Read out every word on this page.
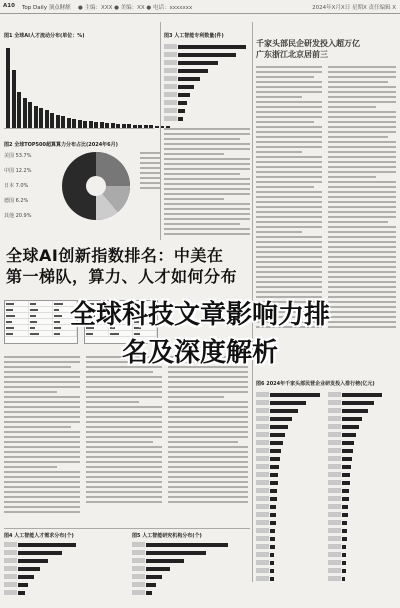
A10 Top Daily 顶点財經 ● 主编：XXX ● 美编：XX ● 电话：xxxxxxx	2024年X月X日 星期X 责任编辑 X
图1 全球AI人才流动分布(单位：%)
图2 全球TOP500超算算力分布占比(2024年6月)
美国 53.7%
中国 12.2%
日本 7.0%
德国 6.2%
其他 20.9%
图3 人工智能专利数量(件)
千家头部民企研发投入超万亿
广东浙江北京居前三
全球AI创新指数排名：中美在
第一梯队，算力、人才如何分布
图6 2024年千家头部民营企业研发投入排行榜(亿元)
图4 人工智能人才需求分布(个)	图5 人工智能研究机构分布(个)
全球科技文章影响力排
名及深度解析
